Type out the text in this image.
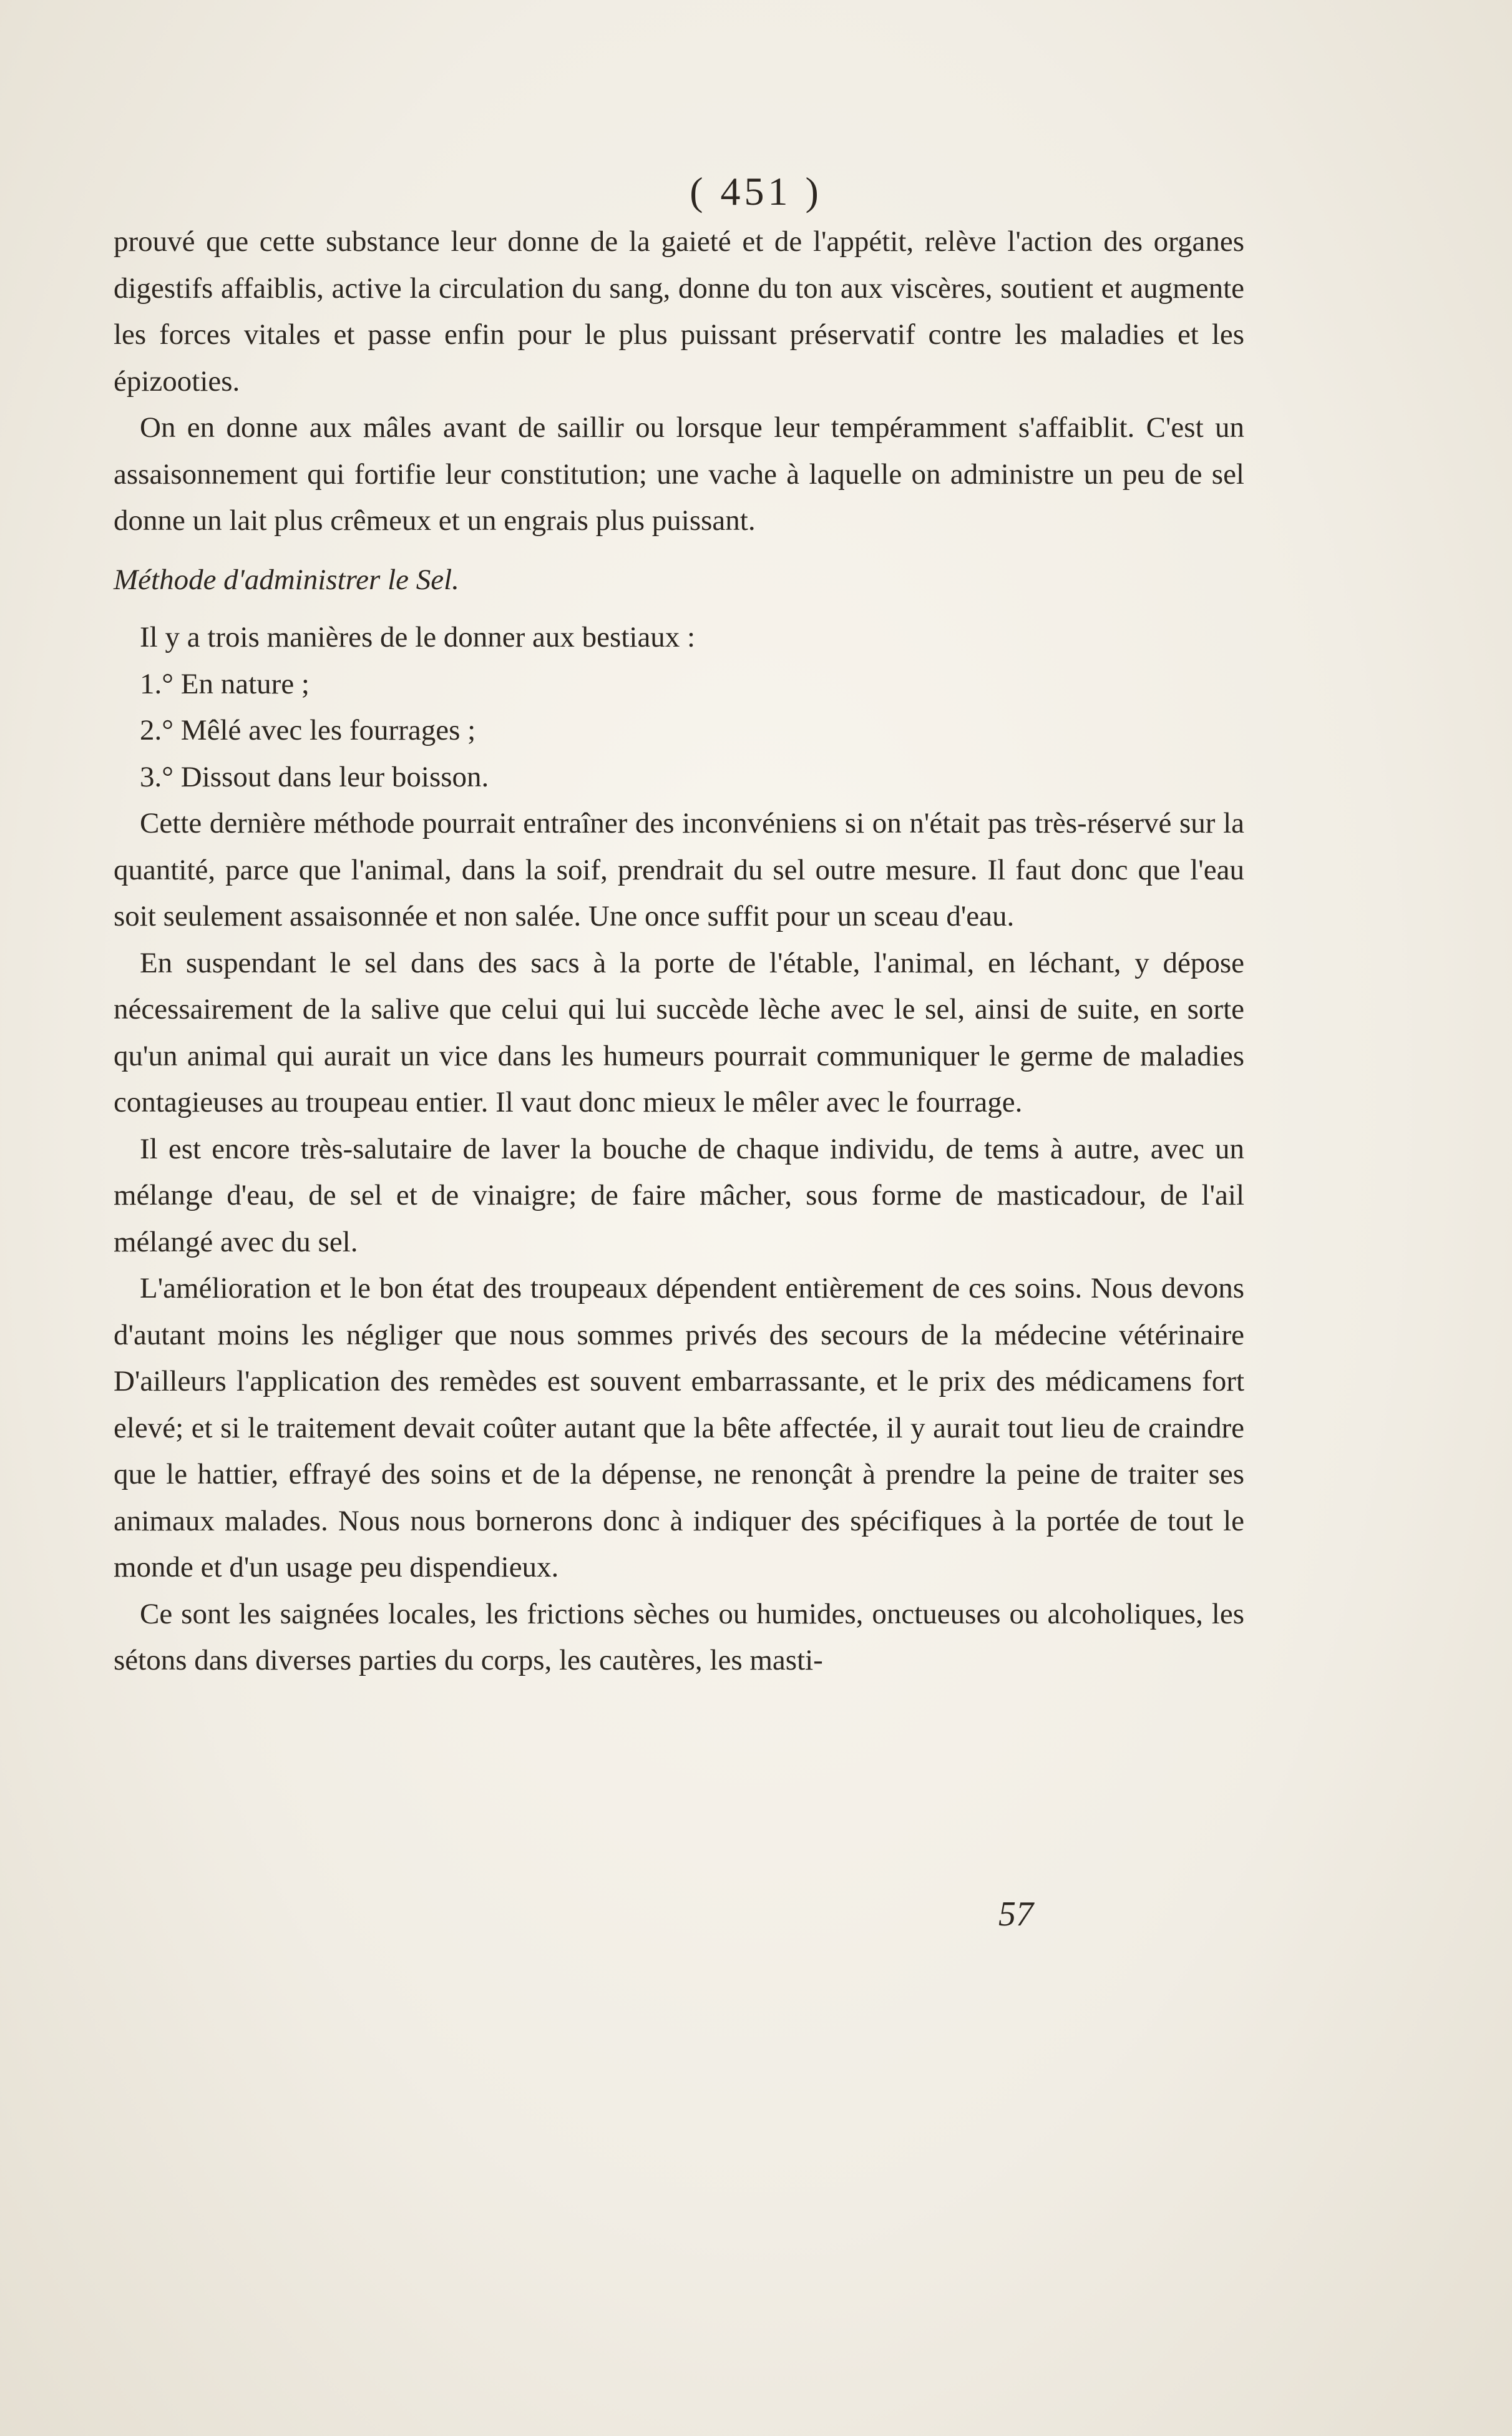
( 451 )

prouvé que cette substance leur donne de la gaieté et de l'appétit, relève l'action des organes digestifs affaiblis, active la circulation du sang, donne du ton aux viscères, soutient et augmente les forces vitales et passe enfin pour le plus puissant préservatif contre les maladies et les épizooties.

On en donne aux mâles avant de saillir ou lorsque leur tempéramment s'affaiblit. C'est un assaisonnement qui fortifie leur constitution; une vache à laquelle on administre un peu de sel donne un lait plus crêmeux et un engrais plus puissant.

Méthode d'administrer le Sel.

Il y a trois manières de le donner aux bestiaux :

1.° En nature ;

2.° Mêlé avec les fourrages ;

3.° Dissout dans leur boisson.

Cette dernière méthode pourrait entraîner des inconvéniens si on n'était pas très-réservé sur la quantité, parce que l'animal, dans la soif, prendrait du sel outre mesure. Il faut donc que l'eau soit seulement assaisonnée et non salée. Une once suffit pour un sceau d'eau.

En suspendant le sel dans des sacs à la porte de l'étable, l'animal, en léchant, y dépose nécessairement de la salive que celui qui lui succède lèche avec le sel, ainsi de suite, en sorte qu'un animal qui aurait un vice dans les humeurs pourrait communiquer le germe de maladies contagieuses au troupeau entier. Il vaut donc mieux le mêler avec le fourrage.

Il est encore très-salutaire de laver la bouche de chaque individu, de tems à autre, avec un mélange d'eau, de sel et de vinaigre; de faire mâcher, sous forme de masticadour, de l'ail mélangé avec du sel.

L'amélioration et le bon état des troupeaux dépendent entièrement de ces soins. Nous devons d'autant moins les négliger que nous sommes privés des secours de la médecine vétérinaire D'ailleurs l'application des remèdes est souvent embarrassante, et le prix des médicamens fort elevé; et si le traitement devait coûter autant que la bête affectée, il y aurait tout lieu de craindre que le hattier, effrayé des soins et de la dépense, ne renonçât à prendre la peine de traiter ses animaux malades. Nous nous bornerons donc à indiquer des spécifiques à la portée de tout le monde et d'un usage peu dispendieux.

Ce sont les saignées locales, les frictions sèches ou humides, onctueuses ou alcoholiques, les sétons dans diverses parties du corps, les cautères, les masti-

57
